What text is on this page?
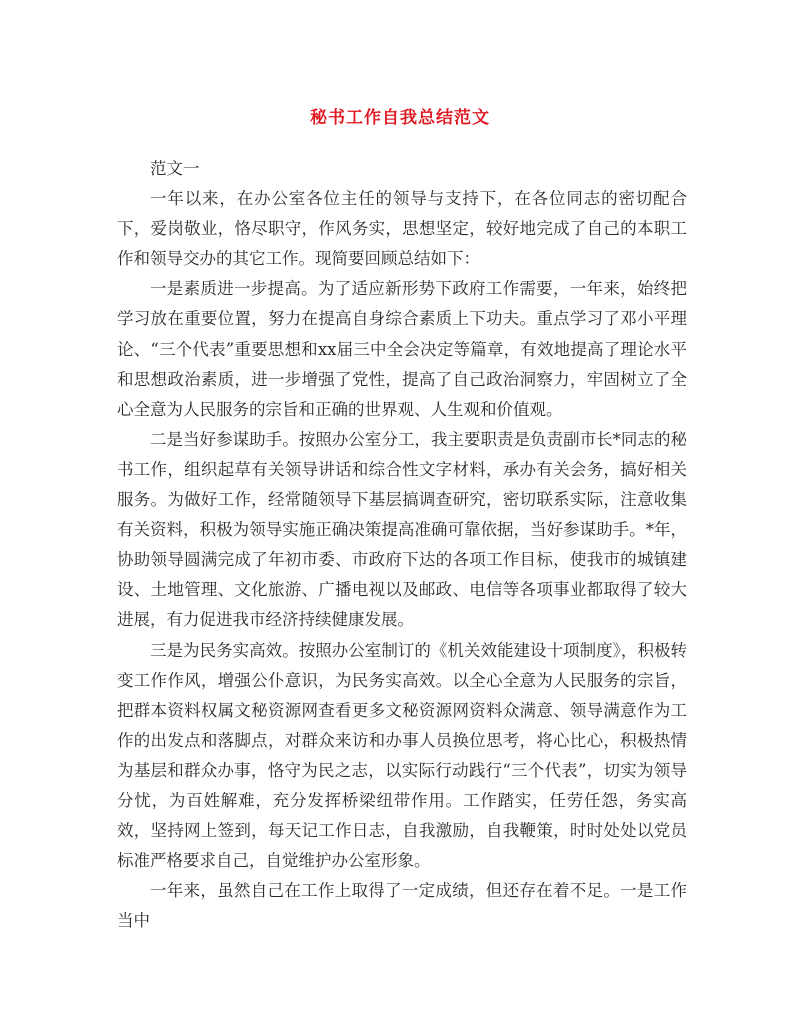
秘书工作自我总结范文

范文一

一年以来，在办公室各位主任的领导与支持下，在各位同志的密切配合下，爱岗敬业，恪尽职守，作风务实，思想坚定，较好地完成了自己的本职工作和领导交办的其它工作。现简要回顾总结如下：

一是素质进一步提高。为了适应新形势下政府工作需要，一年来，始终把学习放在重要位置，努力在提高自身综合素质上下功夫。重点学习了邓小平理论、“三个代表”重要思想和xx届三中全会决定等篇章，有效地提高了理论水平和思想政治素质，进一步增强了党性，提高了自己政治洞察力，牢固树立了全心全意为人民服务的宗旨和正确的世界观、人生观和价值观。

二是当好参谋助手。按照办公室分工，我主要职责是负责副市长*同志的秘书工作，组织起草有关领导讲话和综合性文字材料，承办有关会务，搞好相关服务。为做好工作，经常随领导下基层搞调查研究，密切联系实际，注意收集有关资料，积极为领导实施正确决策提高准确可靠依据，当好参谋助手。*年，协助领导圆满完成了年初市委、市政府下达的各项工作目标，使我市的城镇建设、土地管理、文化旅游、广播电视以及邮政、电信等各项事业都取得了较大进展，有力促进我市经济持续健康发展。

三是为民务实高效。按照办公室制订的《机关效能建设十项制度》，积极转变工作作风，增强公仆意识，为民务实高效。以全心全意为人民服务的宗旨，把群本资料权属文秘资源网查看更多文秘资源网资料众满意、领导满意作为工作的出发点和落脚点，对群众来访和办事人员换位思考，将心比心，积极热情为基层和群众办事，恪守为民之志，以实际行动践行“三个代表”，切实为领导分忧，为百姓解难，充分发挥桥梁纽带作用。工作踏实，任劳任怨，务实高效，坚持网上签到，每天记工作日志，自我激励，自我鞭策，时时处处以党员标准严格要求自己，自觉维护办公室形象。

一年来，虽然自己在工作上取得了一定成绩，但还存在着不足。一是工作当中
